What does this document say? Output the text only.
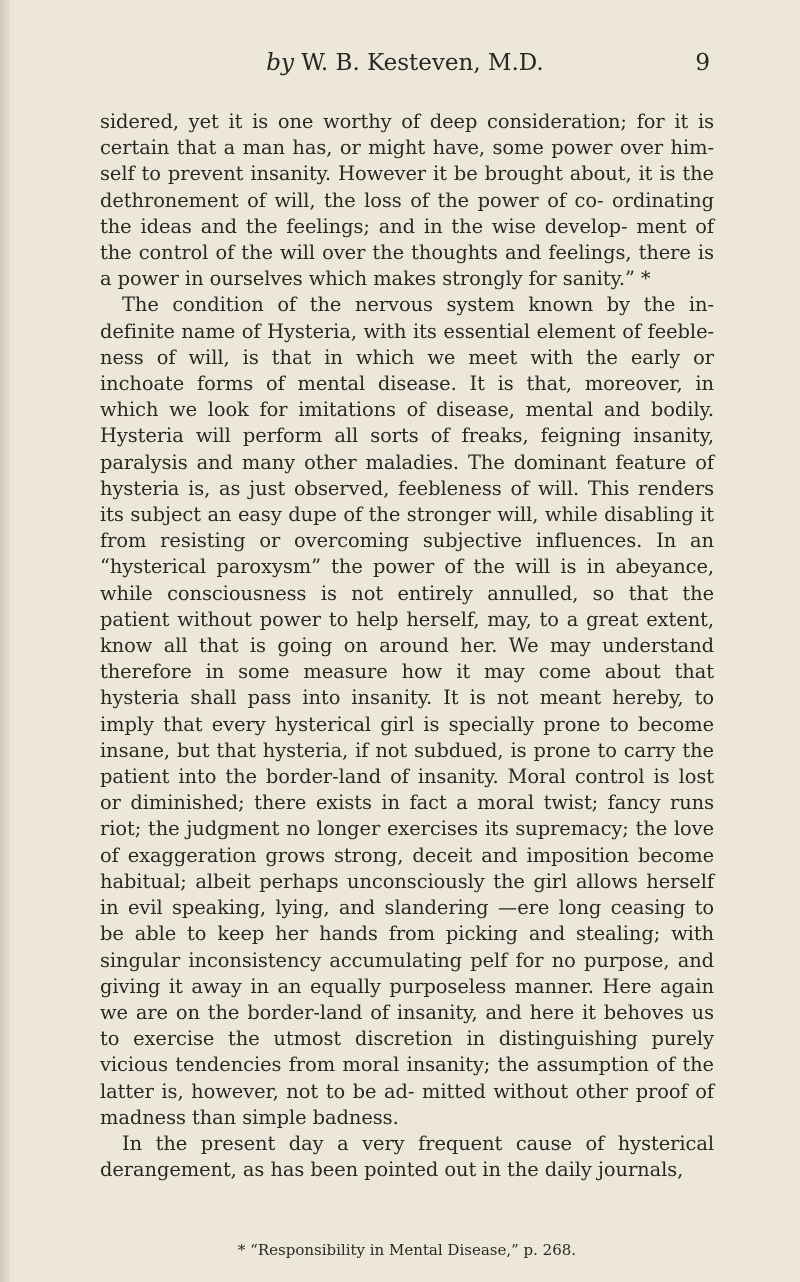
by W. B. Kesteven, M.D.	9

sidered, yet it is one worthy of deep consideration; for it is certain that a man has, or might have, some power over him- self to prevent insanity. However it be brought about, it is the dethronement of will, the loss of the power of co- ordinating the ideas and the feelings; and in the wise develop- ment of the control of the will over the thoughts and feelings, there is a power in ourselves which makes strongly for sanity.” *

The condition of the nervous system known by the in- definite name of Hysteria, with its essential element of feeble- ness of will, is that in which we meet with the early or inchoate forms of mental disease. It is that, moreover, in which we look for imitations of disease, mental and bodily. Hysteria will perform all sorts of freaks, feigning insanity, paralysis and many other maladies. The dominant feature of hysteria is, as just observed, feebleness of will. This renders its subject an easy dupe of the stronger will, while disabling it from resisting or overcoming subjective influences. In an “hysterical paroxysm” the power of the will is in abeyance, while consciousness is not entirely annulled, so that the patient without power to help herself, may, to a great extent, know all that is going on around her. We may understand therefore in some measure how it may come about that hysteria shall pass into insanity. It is not meant hereby, to imply that every hysterical girl is specially prone to become insane, but that hysteria, if not subdued, is prone to carry the patient into the border-land of insanity. Moral control is lost or diminished; there exists in fact a moral twist; fancy runs riot; the judgment no longer exercises its supremacy; the love of exaggeration grows strong, deceit and imposition become habitual; albeit perhaps unconsciously the girl allows herself in evil speaking, lying, and slandering —ere long ceasing to be able to keep her hands from picking and stealing; with singular inconsistency accumulating pelf for no purpose, and giving it away in an equally purposeless manner. Here again we are on the border-land of insanity, and here it behoves us to exercise the utmost discretion in distinguishing purely vicious tendencies from moral insanity; the assumption of the latter is, however, not to be ad- mitted without other proof of madness than simple badness.

In the present day a very frequent cause of hysterical derangement, as has been pointed out in the daily journals,

* “Responsibility in Mental Disease,” p. 268.
